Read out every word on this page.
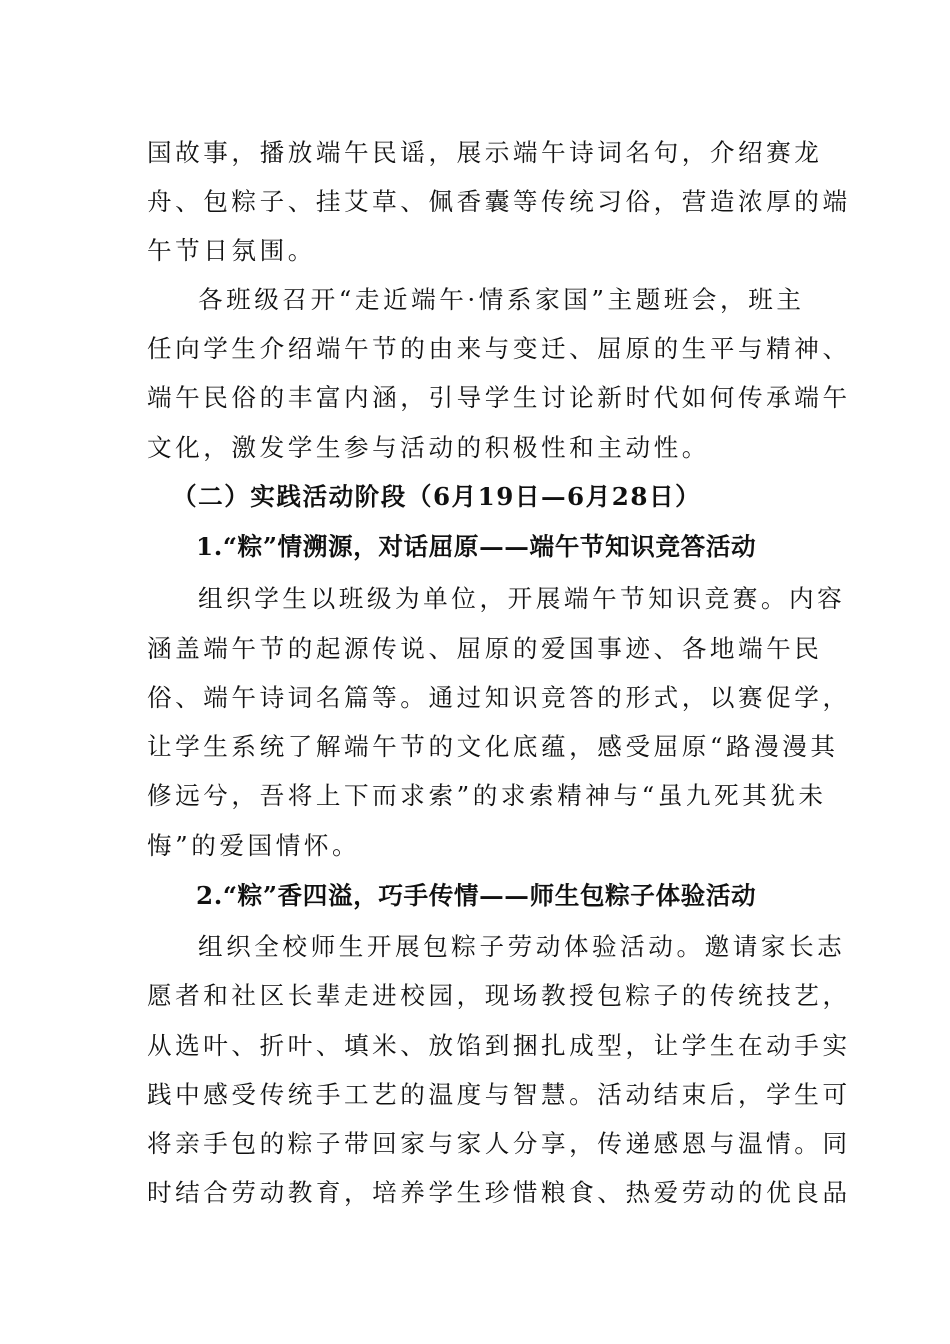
国故事，播放端午民谣，展示端午诗词名句，介绍赛龙
舟、包粽子、挂艾草、佩香囊等传统习俗，营造浓厚的端
午节日氛围。
各班级召开“走近端午·情系家国”主题班会，班主
任向学生介绍端午节的由来与变迁、屈原的生平与精神、
端午民俗的丰富内涵，引导学生讨论新时代如何传承端午
文化，激发学生参与活动的积极性和主动性。
（二）实践活动阶段（6月19日—6月28日）
1.“粽”情溯源，对话屈原——端午节知识竞答活动
组织学生以班级为单位，开展端午节知识竞赛。内容
涵盖端午节的起源传说、屈原的爱国事迹、各地端午民
俗、端午诗词名篇等。通过知识竞答的形式，以赛促学，
让学生系统了解端午节的文化底蕴，感受屈原“路漫漫其
修远兮，吾将上下而求索”的求索精神与“虽九死其犹未
悔”的爱国情怀。
2.“粽”香四溢，巧手传情——师生包粽子体验活动
组织全校师生开展包粽子劳动体验活动。邀请家长志
愿者和社区长辈走进校园，现场教授包粽子的传统技艺，
从选叶、折叶、填米、放馅到捆扎成型，让学生在动手实
践中感受传统手工艺的温度与智慧。活动结束后，学生可
将亲手包的粽子带回家与家人分享，传递感恩与温情。同
时结合劳动教育，培养学生珍惜粮食、热爱劳动的优良品
